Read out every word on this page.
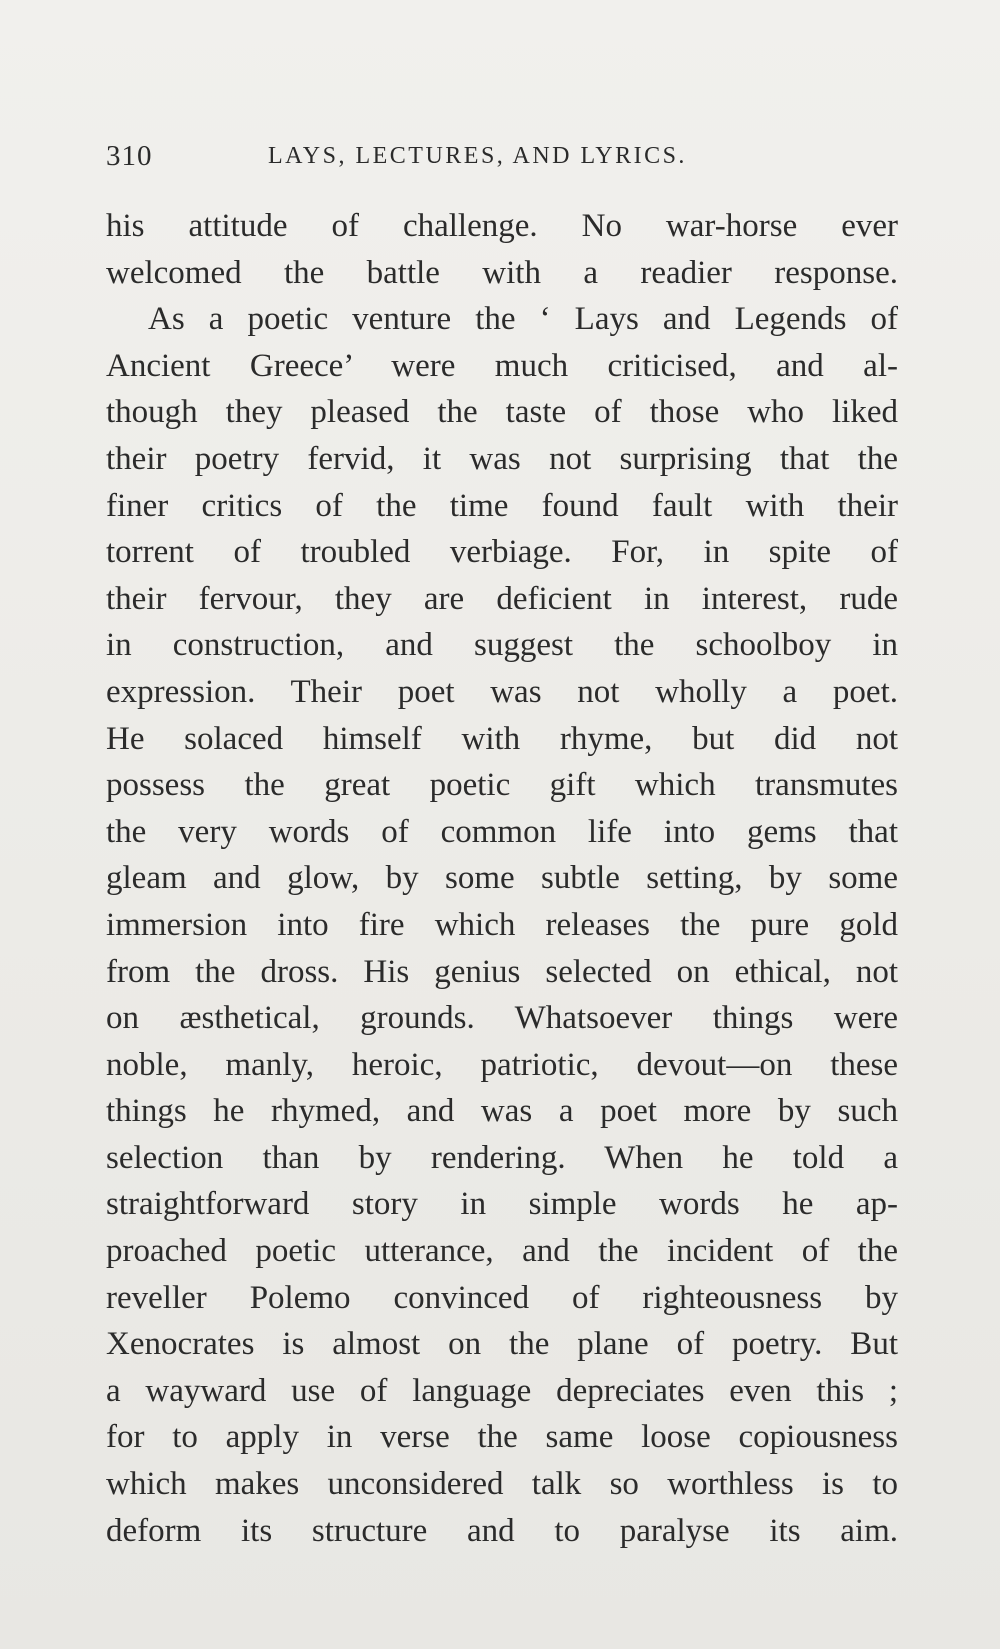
310	LAYS, LECTURES, AND LYRICS.
his attitude of challenge. No war-horse ever
welcomed the battle with a readier response.
As a poetic venture the ‘ Lays and Legends of
Ancient Greece’ were much criticised, and al-
though they pleased the taste of those who liked
their poetry fervid, it was not surprising that the
finer critics of the time found fault with their
torrent of troubled verbiage. For, in spite of
their fervour, they are deficient in interest, rude
in construction, and suggest the schoolboy in
expression. Their poet was not wholly a poet.
He solaced himself with rhyme, but did not
possess the great poetic gift which transmutes
the very words of common life into gems that
gleam and glow, by some subtle setting, by some
immersion into fire which releases the pure gold
from the dross. His genius selected on ethical, not
on æsthetical, grounds. Whatsoever things were
noble, manly, heroic, patriotic, devout—on these
things he rhymed, and was a poet more by such
selection than by rendering. When he told a
straightforward story in simple words he ap-
proached poetic utterance, and the incident of the
reveller Polemo convinced of righteousness by
Xenocrates is almost on the plane of poetry. But
a wayward use of language depreciates even this ;
for to apply in verse the same loose copiousness
which makes unconsidered talk so worthless is to
deform its structure and to paralyse its aim.
